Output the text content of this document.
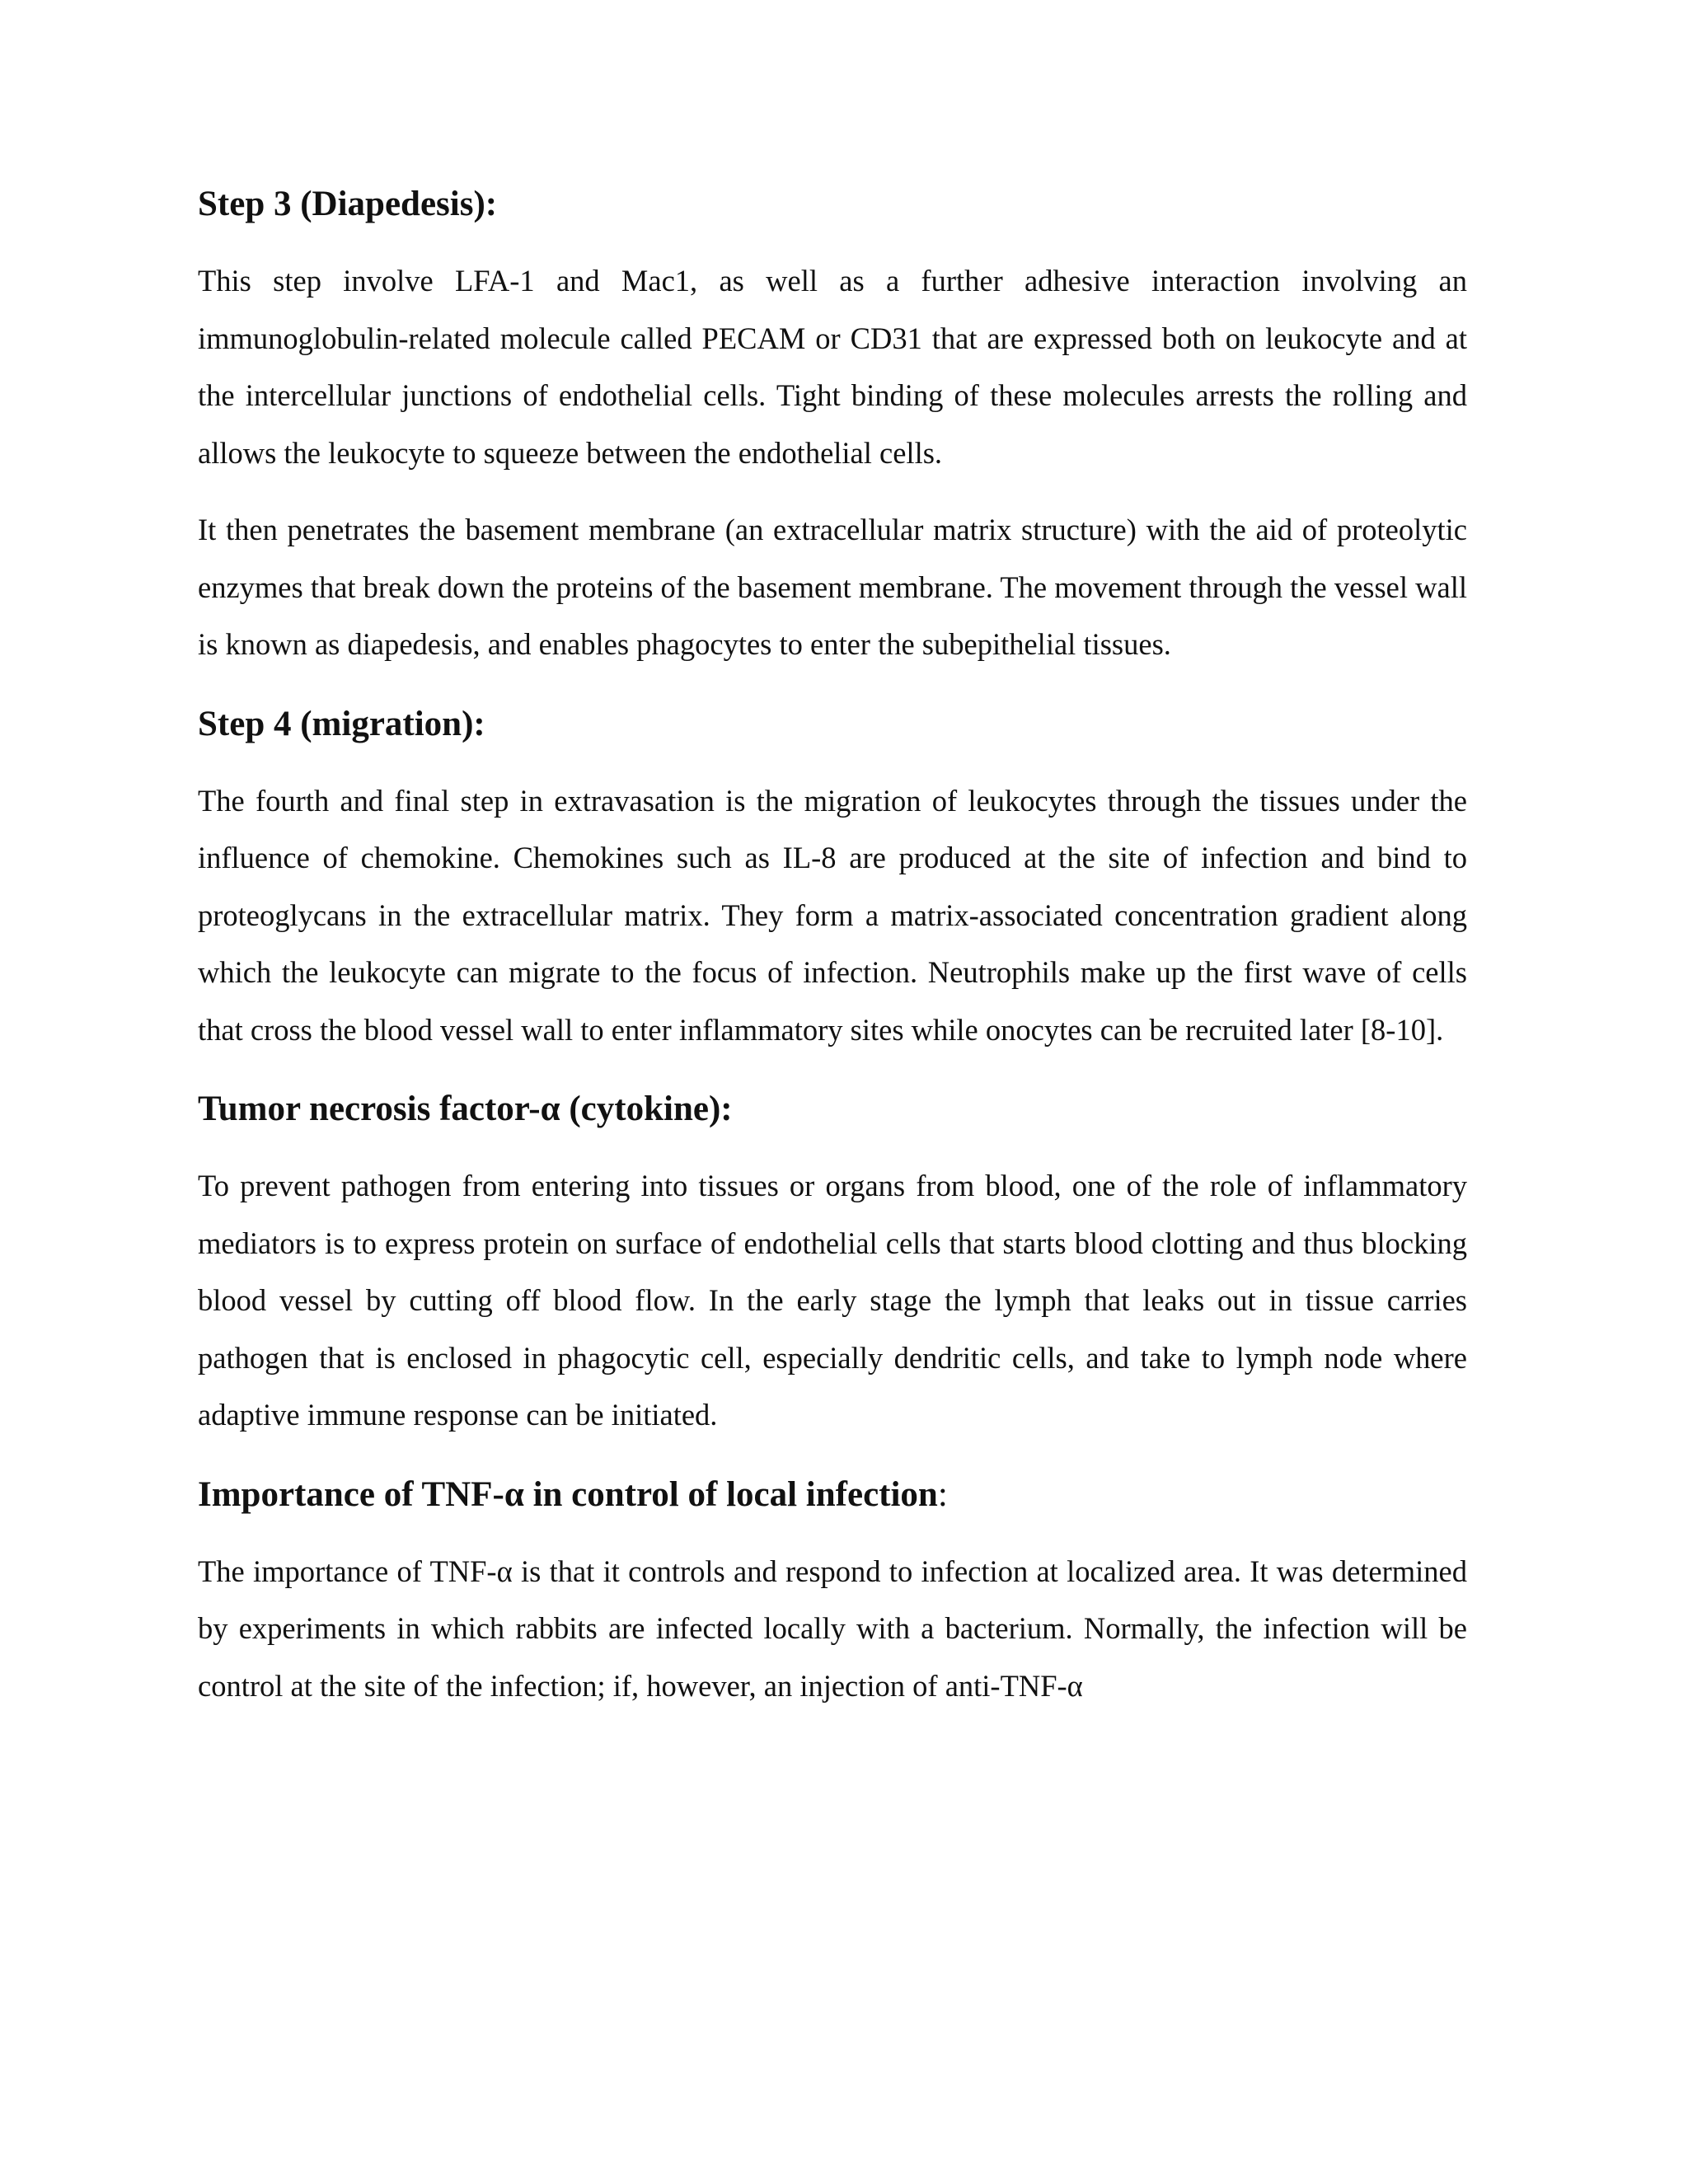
Step 3 (Diapedesis):

This step involve LFA-1 and Mac1, as well as a further adhesive interaction involving an immunoglobulin-related molecule called PECAM or CD31 that are expressed both on leukocyte and at the intercellular junctions of endothelial cells. Tight binding of these molecules arrests the rolling and allows the leukocyte to squeeze between the endothelial cells.

It then penetrates the basement membrane (an extracellular matrix structure) with the aid of proteolytic enzymes that break down the proteins of the basement membrane. The movement through the vessel wall is known as diapedesis, and enables phagocytes to enter the subepithelial tissues.

Step 4 (migration):

The fourth and final step in extravasation is the migration of leukocytes through the tissues under the influence of chemokine. Chemokines such as IL-8 are produced at the site of infection and bind to proteoglycans in the extracellular matrix. They form a matrix-associated concentration gradient along which the leukocyte can migrate to the focus of infection. Neutrophils make up the first wave of cells that cross the blood vessel wall to enter inflammatory sites while onocytes can be recruited later [8-10].

Tumor necrosis factor-α (cytokine):

To prevent pathogen from entering into tissues or organs from blood, one of the role of inflammatory mediators is to express protein on surface of endothelial cells that starts blood clotting and thus blocking blood vessel by cutting off blood flow. In the early stage the lymph that leaks out in tissue carries pathogen that is enclosed in phagocytic cell, especially dendritic cells, and take to lymph node where adaptive immune response can be initiated.

Importance of TNF-α in control of local infection:

The importance of TNF-α is that it controls and respond to infection at localized area. It was determined by experiments in which rabbits are infected locally with a bacterium. Normally, the infection will be control at the site of the infection; if, however, an injection of anti-TNF-α
